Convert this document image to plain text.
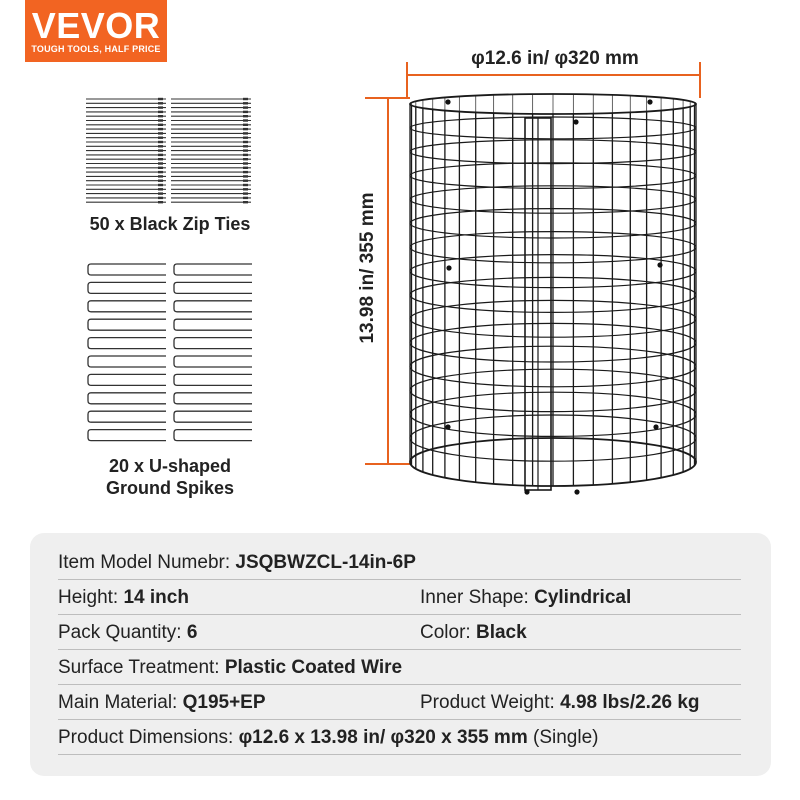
VEVOR
TOUGH TOOLS, HALF PRICE
50 x Black Zip Ties
20 x U-shaped
Ground Spikes
φ12.6 in/ φ320 mm
13.98 in/ 355 mm
Item Model Numebr: JSQBWZCL-14in-6P
Height: 14 inch	Inner Shape: Cylindrical
Pack Quantity: 6	Color: Black
Surface Treatment: Plastic Coated Wire
Main Material: Q195+EP	Product Weight: 4.98 lbs/2.26 kg
Product Dimensions: φ12.6 x 13.98 in/ φ320 x 355 mm (Single)
